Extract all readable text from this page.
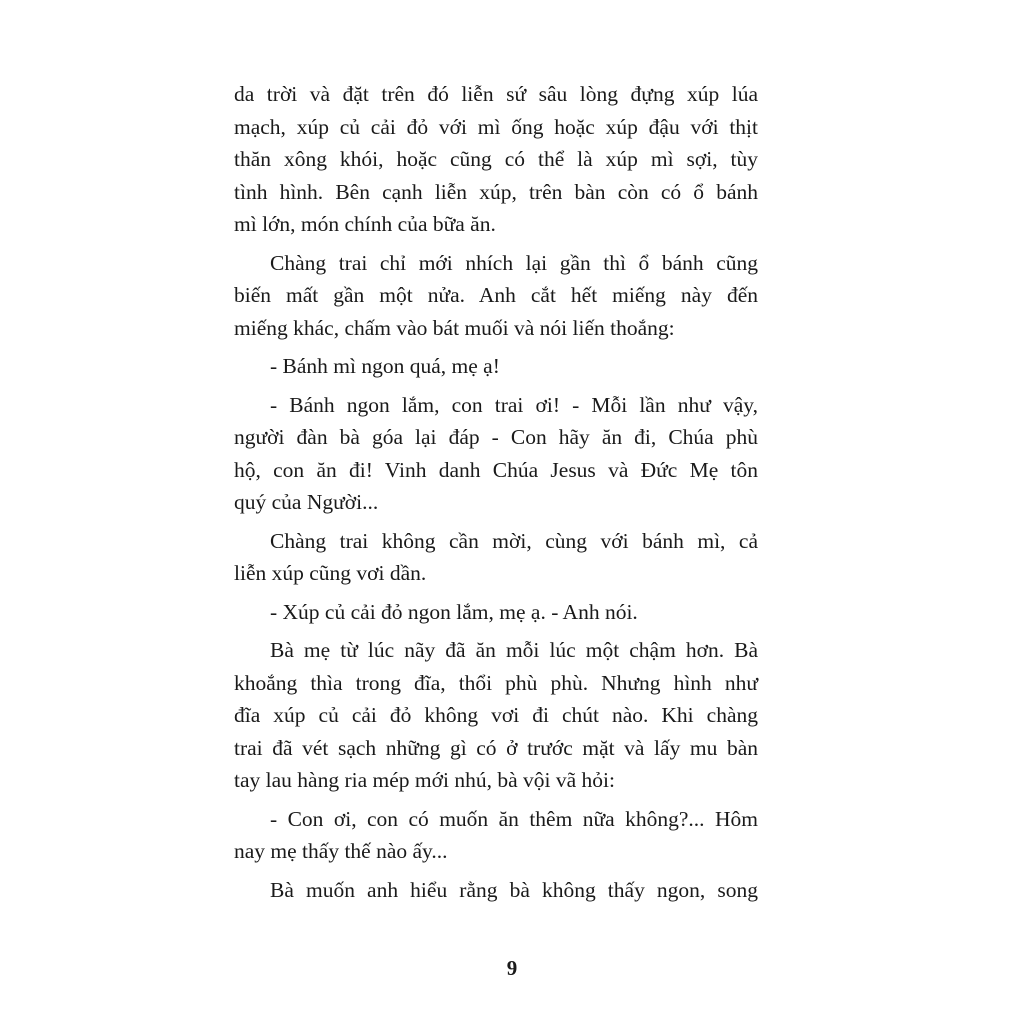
da trời và đặt trên đó liễn sứ sâu lòng đựng xúp lúa
mạch, xúp củ cải đỏ với mì ống hoặc xúp đậu với thịt
thăn xông khói, hoặc cũng có thể là xúp mì sợi, tùy
tình hình. Bên cạnh liễn xúp, trên bàn còn có ổ bánh
mì lớn, món chính của bữa ăn.
Chàng trai chỉ mới nhích lại gần thì ổ bánh cũng
biến mất gần một nửa. Anh cắt hết miếng này đến
miếng khác, chấm vào bát muối và nói liến thoắng:
- Bánh mì ngon quá, mẹ ạ!
- Bánh ngon lắm, con trai ơi! - Mỗi lần như vậy,
người đàn bà góa lại đáp - Con hãy ăn đi, Chúa phù
hộ, con ăn đi! Vinh danh Chúa Jesus và Đức Mẹ tôn
quý của Người...
Chàng trai không cần mời, cùng với bánh mì, cả
liễn xúp cũng vơi dần.
- Xúp củ cải đỏ ngon lắm, mẹ ạ. - Anh nói.
Bà mẹ từ lúc nãy đã ăn mỗi lúc một chậm hơn. Bà
khoắng thìa trong đĩa, thổi phù phù. Nhưng hình như
đĩa xúp củ cải đỏ không vơi đi chút nào. Khi chàng
trai đã vét sạch những gì có ở trước mặt và lấy mu bàn
tay lau hàng ria mép mới nhú, bà vội vã hỏi:
- Con ơi, con có muốn ăn thêm nữa không?... Hôm
nay mẹ thấy thế nào ấy...
Bà muốn anh hiểu rằng bà không thấy ngon, song
9
